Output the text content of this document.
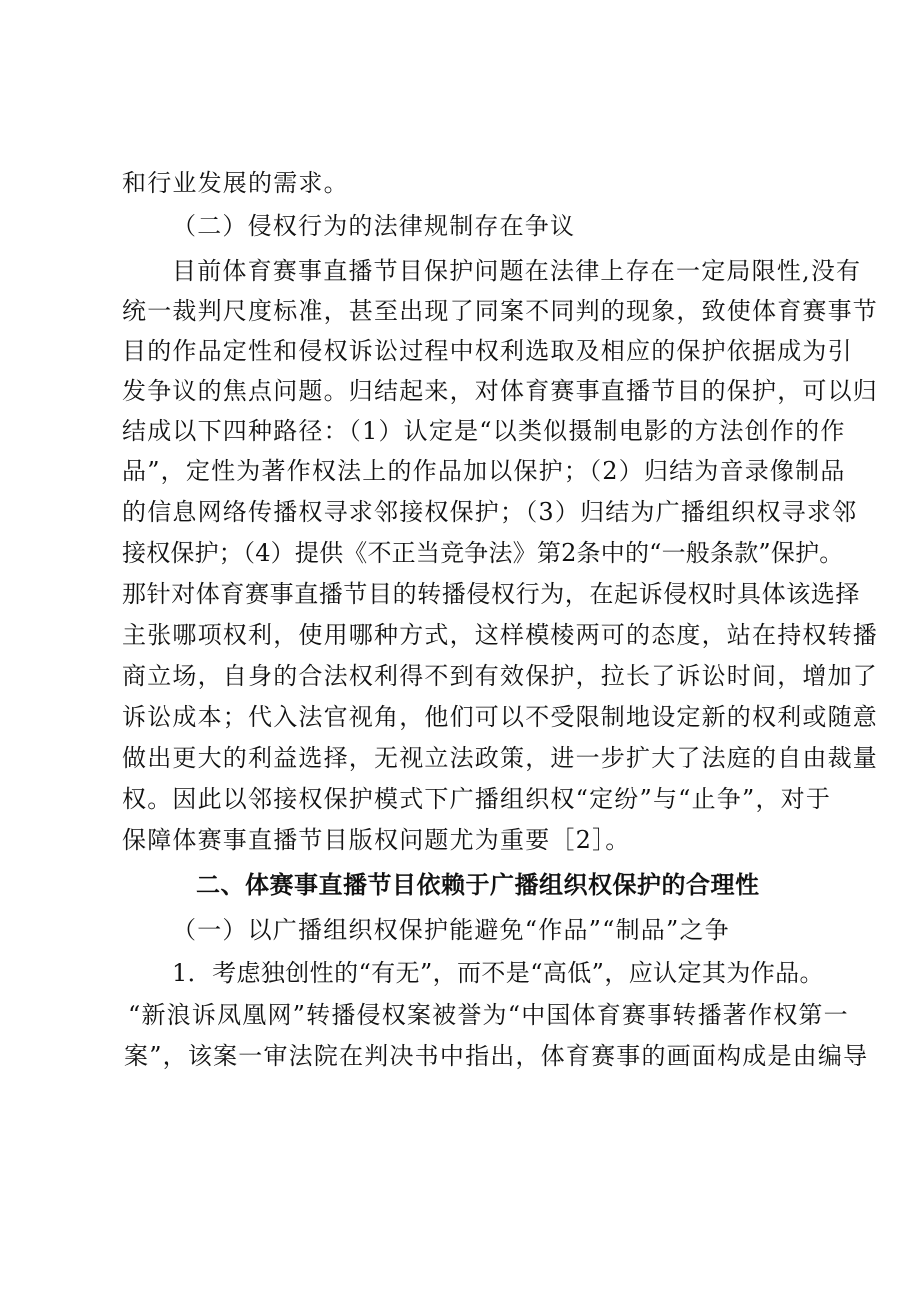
和行业发展的需求。
（二）侵权行为的法律规制存在争议
目前体育赛事直播节目保护问题在法律上存在一定局限性,没有
统一裁判尺度标准，甚至出现了同案不同判的现象，致使体育赛事节
目的作品定性和侵权诉讼过程中权利选取及相应的保护依据成为引
发争议的焦点问题。归结起来，对体育赛事直播节目的保护，可以归
结成以下四种路径：（1）认定是“以类似摄制电影的方法创作的作
品”，定性为著作权法上的作品加以保护；（2）归结为音录像制品
的信息网络传播权寻求邻接权保护；（3）归结为广播组织权寻求邻
接权保护；（4）提供《不正当竞争法》第2条中的“一般条款”保护。
那针对体育赛事直播节目的转播侵权行为，在起诉侵权时具体该选择
主张哪项权利，使用哪种方式，这样模棱两可的态度，站在持权转播
商立场，自身的合法权利得不到有效保护，拉长了诉讼时间，增加了
诉讼成本；代入法官视角，他们可以不受限制地设定新的权利或随意
做出更大的利益选择，无视立法政策，进一步扩大了法庭的自由裁量
权。因此以邻接权保护模式下广播组织权“定纷”与“止争”，对于
保障体赛事直播节目版权问题尤为重要［2］。
二、体赛事直播节目依赖于广播组织权保护的合理性
（一）以广播组织权保护能避免“作品”“制品”之争
1．考虑独创性的“有无”，而不是“高低”，应认定其为作品。
“新浪诉凤凰网”转播侵权案被誉为“中国体育赛事转播著作权第一
案”，该案一审法院在判决书中指出，体育赛事的画面构成是由编导
